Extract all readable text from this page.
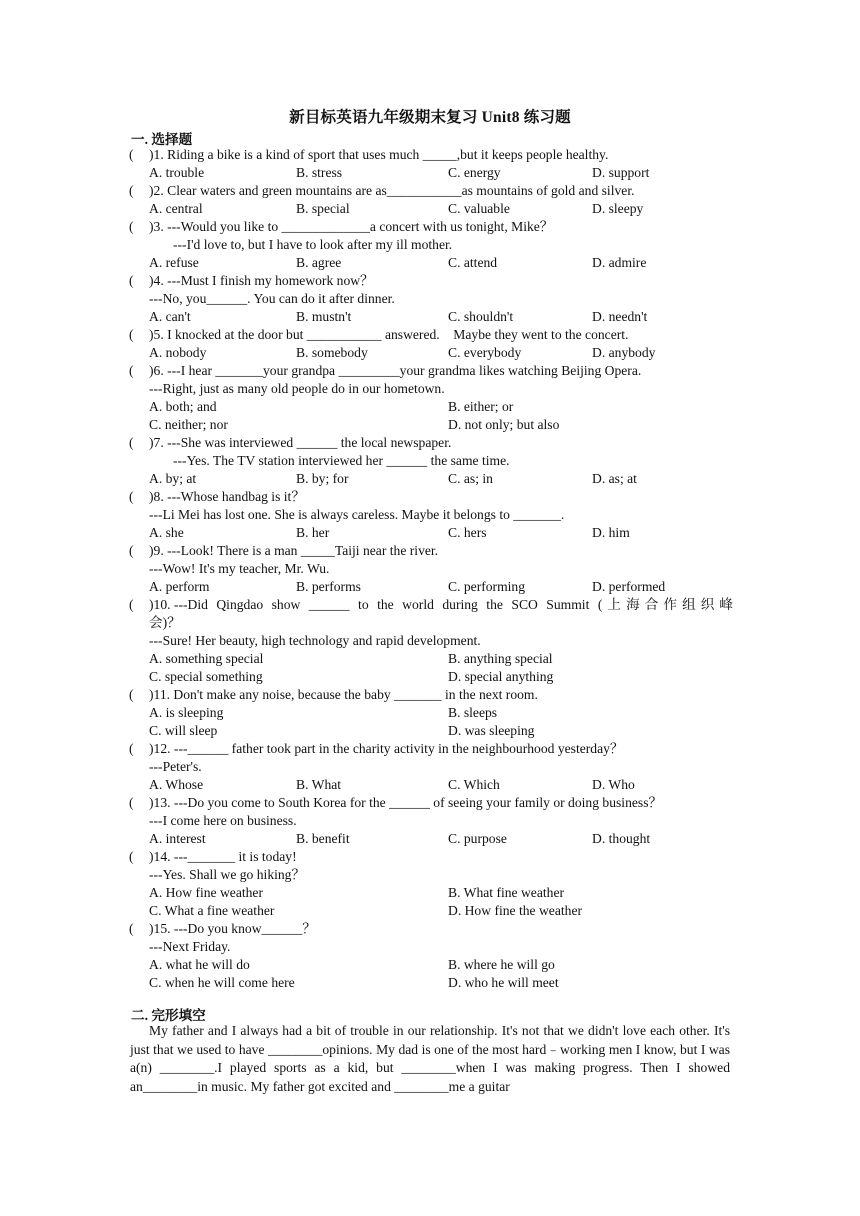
新目标英语九年级期末复习 Unit8 练习题
一. 选择题
(	) 1 . Riding a bike is a kind of sport that uses much _____,but it keeps people healthy.
A. trouble	B. stress	C. energy	D. support
(	) 2 . Clear waters and green mountains are as___________as mountains of gold and silver.
A. central	B. special	C. valuable	D. sleepy
(	) 3 . ---Would you like to _____________a concert with us tonight, Mike？
---I'd love to, but I have to look after my ill mother.
A. refuse	B. agree	C. attend	D. admire
(	) 4 . ---Must I finish my homework now？
---No, you______. You can do it after dinner.
A. can't	B. mustn't	C. shouldn't	D. needn't
(	) 5 . I knocked at the door but ___________ answered.　Maybe they went to the concert.
A. nobody	B. somebody	C. everybody	D. anybody
(	) 6 . ---I hear _______your grandpa _________your grandma likes watching Beijing Opera.
---Right, just as many old people do in our hometown.
A. both; and	B. either; or
C. neither; nor	D. not only; but also
(	) 7 . ---She was interviewed ______ the local newspaper.
---Yes. The TV station interviewed her ______ the same time.
A. by; at	B. by; for	C. as; in	D. as; at
(	) 8 . ---Whose handbag is it？
---Li Mei has lost one. She is always careless. Maybe it belongs to _______.
A. she	B. her	C. hers	D. him
(	) 9 . ---Look! There is a man _____Taiji near the river.
---Wow! It's my teacher, Mr. Wu.
A. perform	B. performs	C. performing	D. performed
(	) 10 . ---Did Qingdao show ______ to the world during the SCO Summit (上海合作组织峰
会)？
---Sure! Her beauty, high technology and rapid development.
A. something special	B. anything special
C. special something	D. special anything
(	) 11 . Don't make any noise, because the baby _______ in the next room.
A. is sleeping	B. sleeps
C. will sleep	D. was sleeping
(	) 12 . ---______ father took part in the charity activity in the neighbourhood yesterday？
---Peter's.
A. Whose	B. What	C. Which	D. Who
(	) 13 . ---Do you come to South Korea for the ______ of seeing your family or doing business？
---I come here on business.
A. interest	B. benefit	C. purpose	D. thought
(	) 14 . ---_______ it is today!
---Yes. Shall we go hiking？
A. How fine weather	B. What fine weather
C. What a fine weather	D. How fine the weather
(	) 15 . ---Do you know______？
---Next Friday.
A. what he will do	B. where he will go
C. when he will come here	D. who he will meet
二. 完形填空
My father and I always had a bit of trouble in our relationship. It's not that we didn't love each other. It's just that we used to have ________opinions. My dad is one of the most hard﹣working men I know, but I was a(n) ________.I played sports as a kid, but ________when I was making progress. Then I showed an________in music. My father got excited and ________me a guitar
